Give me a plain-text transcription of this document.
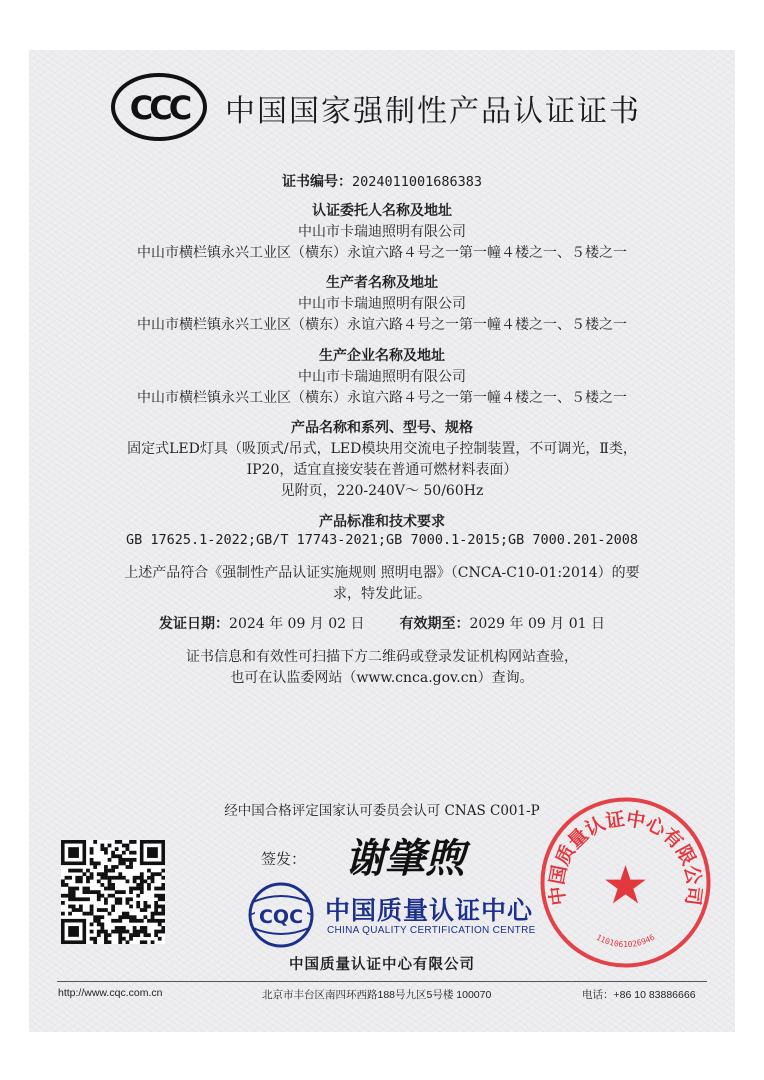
CCC 中国国家强制性产品认证证书
证书编号：2024011001686383
认证委托人名称及地址
中山市卡瑞迪照明有限公司
中山市横栏镇永兴工业区（横东）永谊六路４号之一第一幢４楼之一、５楼之一
生产者名称及地址
中山市卡瑞迪照明有限公司
中山市横栏镇永兴工业区（横东）永谊六路４号之一第一幢４楼之一、５楼之一
生产企业名称及地址
中山市卡瑞迪照明有限公司
中山市横栏镇永兴工业区（横东）永谊六路４号之一第一幢４楼之一、５楼之一
产品名称和系列、型号、规格
固定式LED灯具（吸顶式/吊式，LED模块用交流电子控制装置，不可调光，Ⅱ类，
IP20，适宜直接安装在普通可燃材料表面）
见附页，220-240V～ 50/60Hz
产品标准和技术要求
GB 17625.1-2022;GB/T 17743-2021;GB 7000.1-2015;GB 7000.201-2008
上述产品符合《强制性产品认证实施规则 照明电器》（CNCA-C10-01:2014）的要
求，特发此证。
发证日期：2024 年 09 月 02 日 有效期至：2029 年 09 月 01 日
证书信息和有效性可扫描下方二维码或登录发证机构网站查验，
也可在认监委网站（www.cnca.gov.cn）查询。
经中国合格评定国家认可委员会认可 CNAS C001-P
签发： 谢肇煦
CQC 中国质量认证中心
CHINA QUALITY CERTIFICATION CENTRE
中国质量认证中心有限公司
1101061026946
中国质量认证中心有限公司
http://www.cqc.com.cn	北京市丰台区南四环西路188号九区5号楼 100070	电话：+86 10 83886666
